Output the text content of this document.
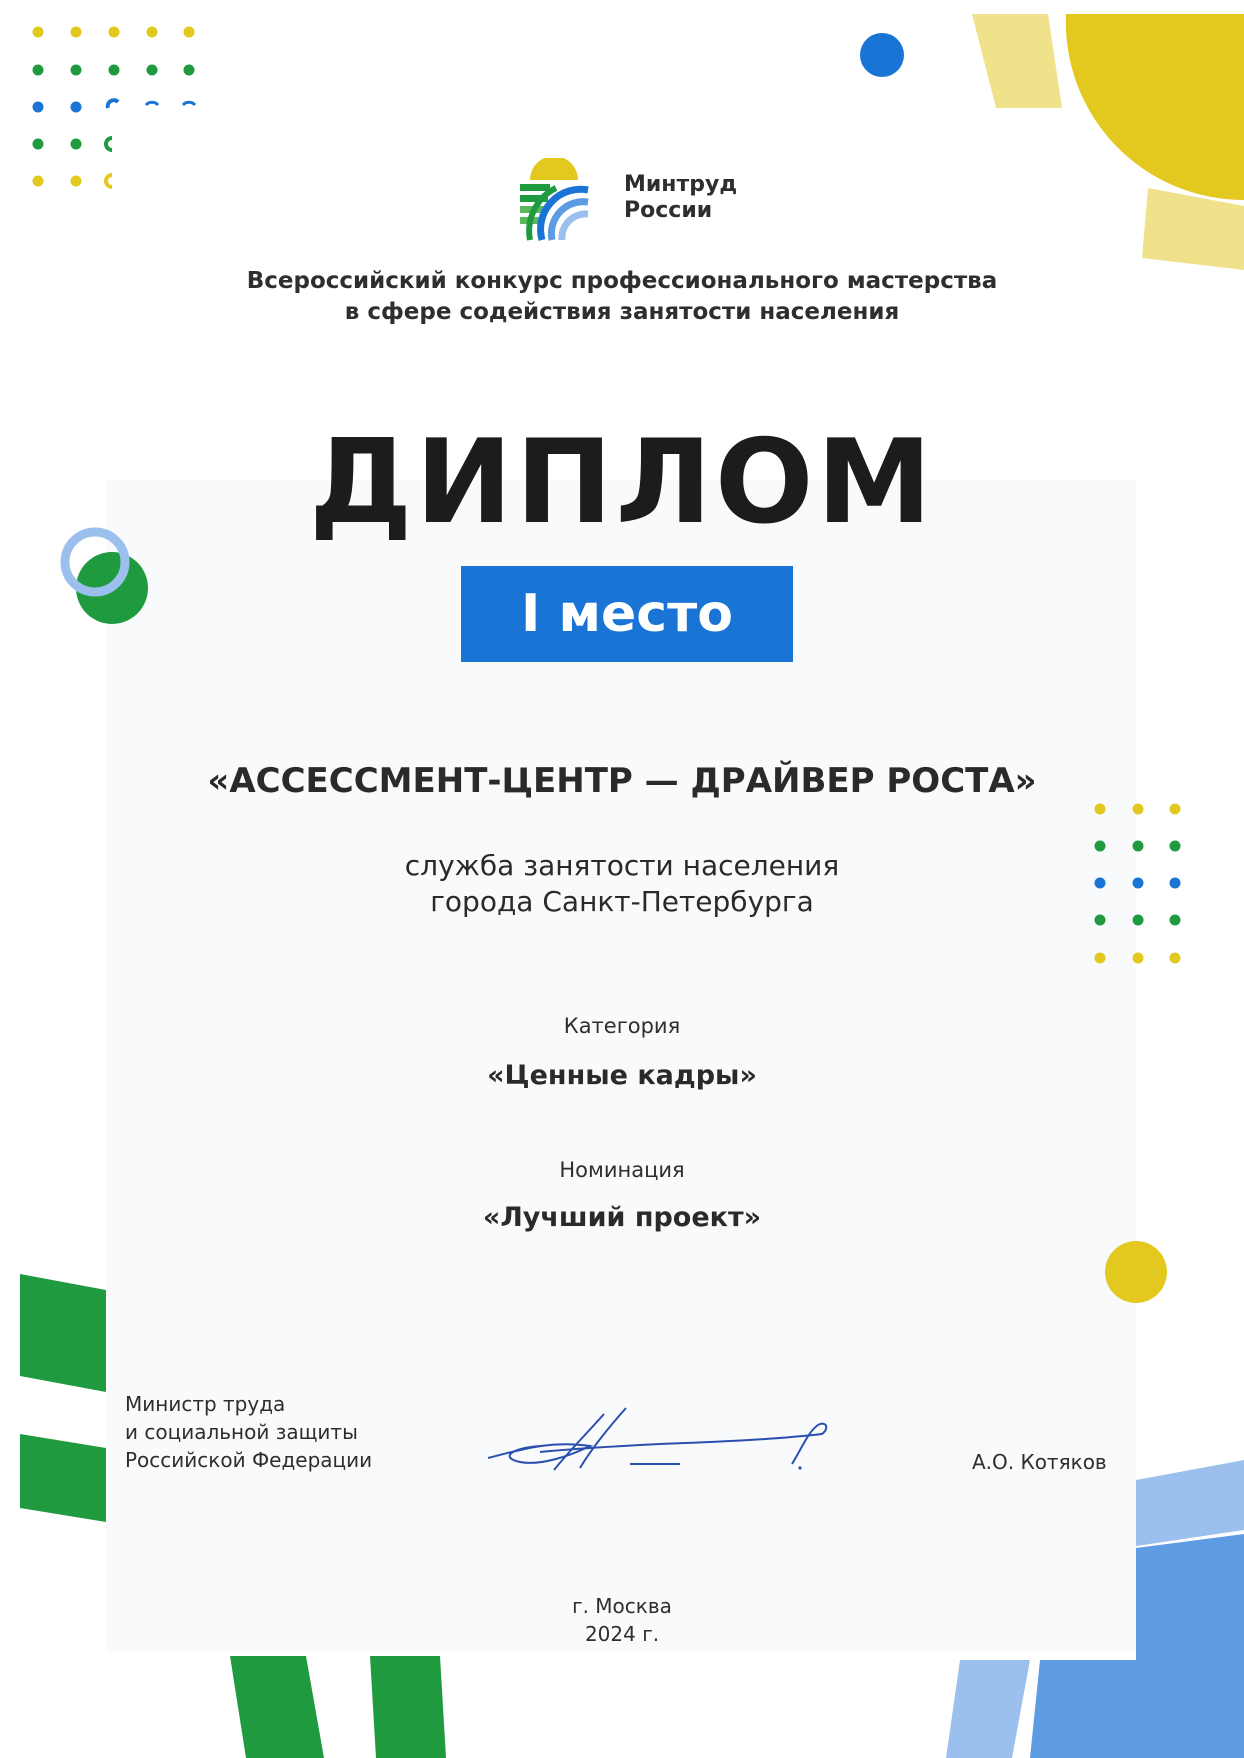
Минтруд
России
Всероссийский конкурс профессионального мастерства
в сфере содействия занятости населения
ДИПЛОМ
I место
«АССЕССМЕНТ-ЦЕНТР — ДРАЙВЕР РОСТА»
служба занятости населения
города Санкт-Петербурга
Категория
«Ценные кадры»
Номинация
«Лучший проект»
Министр труда
и социальной защиты
Российской Федерации	А.О. Котяков
г. Москва
2024 г.
